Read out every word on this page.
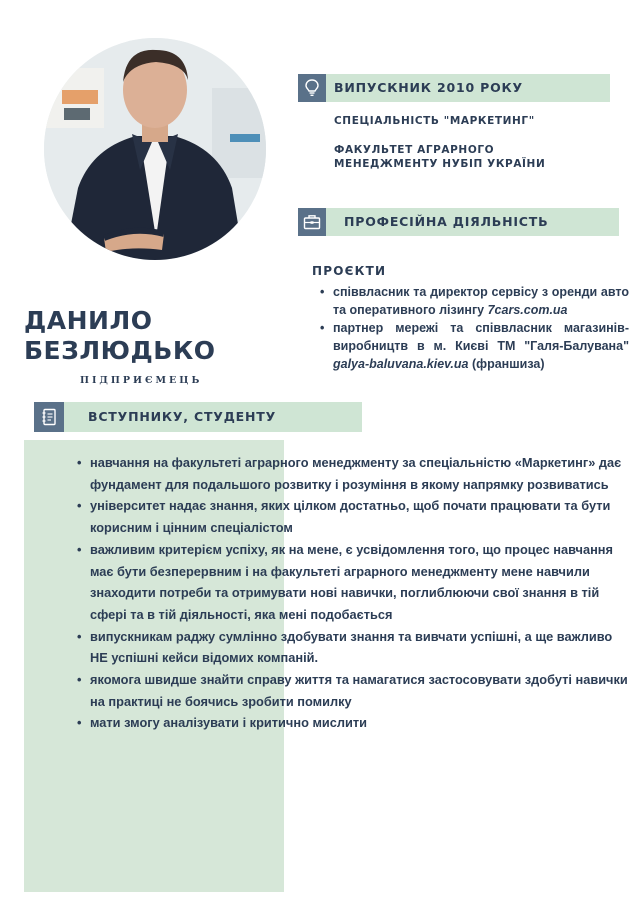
ВИПУСКНИК 2010 РОКУ
СПЕЦІАЛЬНІСТЬ "МАРКЕТИНГ"
ФАКУЛЬТЕТ АГРАРНОГО
МЕНЕДЖМЕНТУ НУБІП УКРАЇНИ
ПРОФЕСІЙНА ДІЯЛЬНІСТЬ
ПРОЄКТИ
• співвласник та директор сервісу з оренди авто та оперативного лізингу 7cars.com.ua
• партнер мережі та співвласник магазинів-виробництв в м. Києві ТМ "Галя-Балувана" galya-baluvana.kiev.ua (франшиза)
ДАНИЛО
БЕЗЛЮДЬКО
ПІДПРИЄМЕЦЬ
ВСТУПНИКУ, СТУДЕНТУ
• навчання на факультеті аграрного менеджменту за спеціальністю «Маркетинг» дає фундамент для подальшого розвитку і розуміння в якому напрямку розвиватись
• університет надає знання, яких цілком достатньо, щоб почати працювати та бути корисним і цінним спеціалістом
• важливим критерієм успіху, як на мене, є усвідомлення того, що процес навчання має бути безперервним і на факультеті аграрного менеджменту мене навчили знаходити потреби та отримувати нові навички, поглиблюючи свої знання в тій сфері та в тій діяльності, яка мені подобається
• випускникам раджу сумлінно здобувати знання та вивчати успішні, а ще важливо НЕ успішні кейси відомих компаній.
• якомога швидше знайти справу життя та намагатися застосовувати здобуті навички на практиці не боячись зробити помилку
• мати змогу аналізувати і критично мислити
